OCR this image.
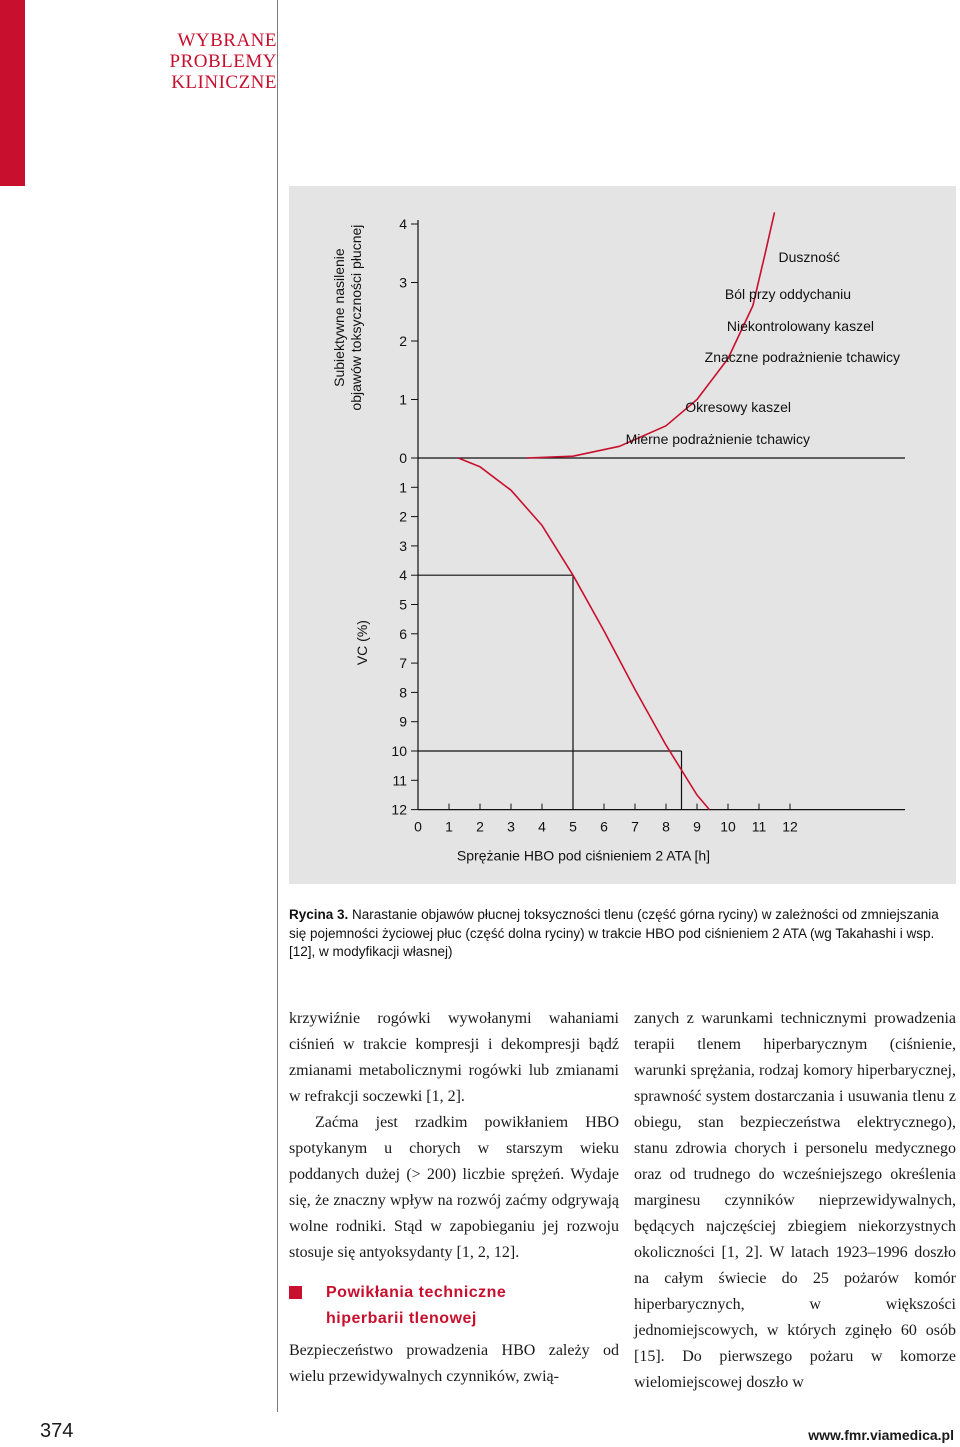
WYBRANE
PROBLEMY
KLINICZNE
4
3
2
1
0
1
2
3
4
5
6
7
8
9
10
11
12
0 1 2 3 4 5 6 7 8 9 10 11 12
Sprężanie HBO pod ciśnieniem 2 ATA [h]
Subiektywne nasilenie objawów toksyczności płucnej
VC (%)
Duszność
Ból przy oddychaniu
Niekontrolowany kaszel
Znaczne podrażnienie tchawicy
Okresowy kaszel
Mierne podrażnienie tchawicy
Rycina 3. Narastanie objawów płucnej toksyczności tlenu (część górna ryciny) w zależności od zmniejszania się pojemności życiowej płuc (część dolna ryciny) w trakcie HBO pod ciśnieniem 2 ATA (wg Takahashi i wsp. [12], w modyfikacji własnej)

krzywiźnie rogówki wywołanymi wahaniami ciśnień w trakcie kompresji i dekompresji bądź zmianami metabolicznymi rogówki lub zmianami w refrakcji soczewki [1, 2].

Zaćma jest rzadkim powikłaniem HBO spotykanym u chorych w starszym wieku poddanych dużej (> 200) liczbie sprężeń. Wydaje się, że znaczny wpływ na rozwój zaćmy odgrywają wolne rodniki. Stąd w zapobieganiu jej rozwoju stosuje się antyoksydanty [1, 2, 12].

Powikłania techniczne
hiperbarii tlenowej

Bezpieczeństwo prowadzenia HBO zależy od wielu przewidywalnych czynników, zwią-

zanych z warunkami technicznymi prowadzenia terapii tlenem hiperbarycznym (ciśnienie, warunki sprężania, rodzaj komory hiperbarycznej, sprawność system dostarczania i usuwania tlenu z obiegu, stan bezpieczeństwa elektrycznego), stanu zdrowia chorych i personelu medycznego oraz od trudnego do wcześniejszego określenia marginesu czynników nieprzewidywalnych, będących najczęściej zbiegiem niekorzystnych okoliczności [1, 2]. W latach 1923–1996 doszło na całym świecie do 25 pożarów komór hiperbarycznych, w większości jednomiejscowych, w których zginęło 60 osób [15]. Do pierwszego pożaru w komorze wielomiejscowej doszło w

374	www.fmr.viamedica.pl
